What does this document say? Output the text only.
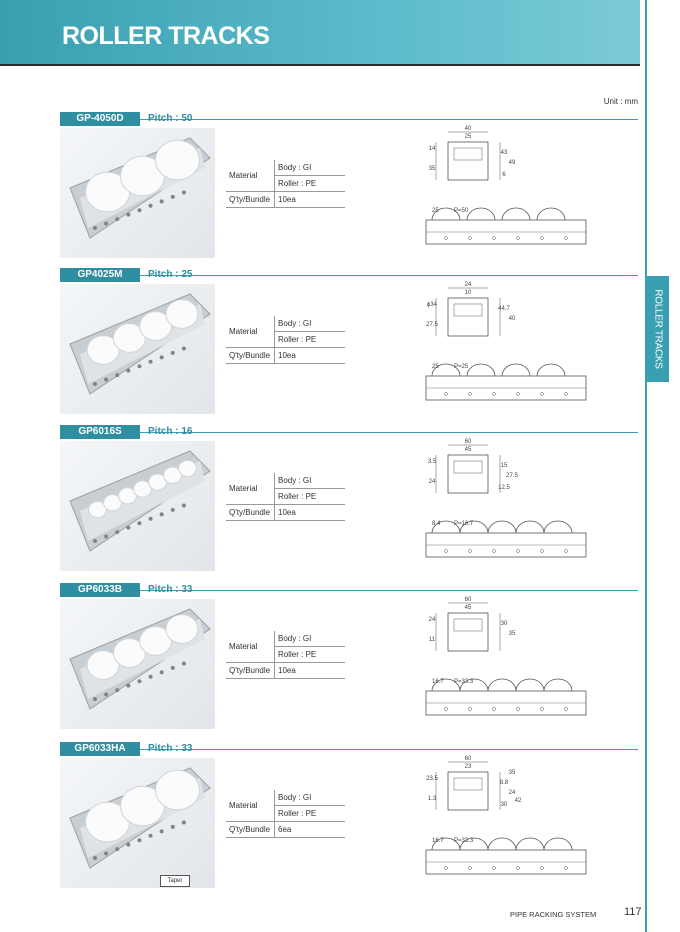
ROLLER TRACKS
ROLLER TRACKS
Unit : mm
GP-4050D	Pitch : 50
Material	Body : GI
	Roller : PE
Q'ty/Bundle	10ea
40
25
14
35
43
49
6
25	P=50
GP4025M	Pitch : 25
Material	Body : GI
	Roller : PE
Q'ty/Bundle	10ea
24
10
ɸ34
27.5
44.7
40
25	P=25
GP6016S	Pitch : 16
Material	Body : GI
	Roller : PE
Q'ty/Bundle	10ea
60
45
3.5
24
15
27.5
12.5
8.4 P=16.7
GP6033B	Pitch : 33
Material	Body : GI
	Roller : PE
Q'ty/Bundle	10ea
60
45
24
11
30
35
16.7 P=33.3
GP6033HA	Pitch : 33
Taper
Material	Body : GI
	Roller : PE
Q'ty/Bundle	6ea
60
23
23.5
1.3
8.8
24
30
35
42
16.7 P=33.3
PIPE RACKING SYSTEM	117
